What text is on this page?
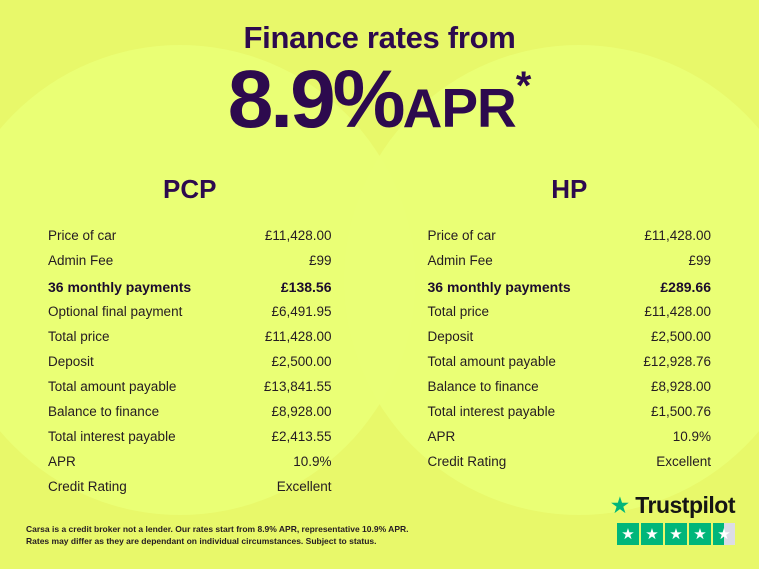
Finance rates from
8.9%APR*
PCP
Price of car	£11,428.00
Admin Fee	£99
36 monthly payments	£138.56
Optional final payment	£6,491.95
Total price	£11,428.00
Deposit	£2,500.00
Total amount payable	£13,841.55
Balance to finance	£8,928.00
Total interest payable	£2,413.55
APR	10.9%
Credit Rating	Excellent
HP
Price of car	£11,428.00
Admin Fee	£99
36 monthly payments	£289.66
Total price	£11,428.00
Deposit	£2,500.00
Total amount payable	£12,928.76
Balance to finance	£8,928.00
Total interest payable	£1,500.76
APR	10.9%
Credit Rating	Excellent
Carsa is a credit broker not a lender. Our rates start from 8.9% APR, representative 10.9% APR.
Rates may differ as they are dependant on individual circumstances. Subject to status.
★ Trustpilot
★ ★ ★ ★ ★
